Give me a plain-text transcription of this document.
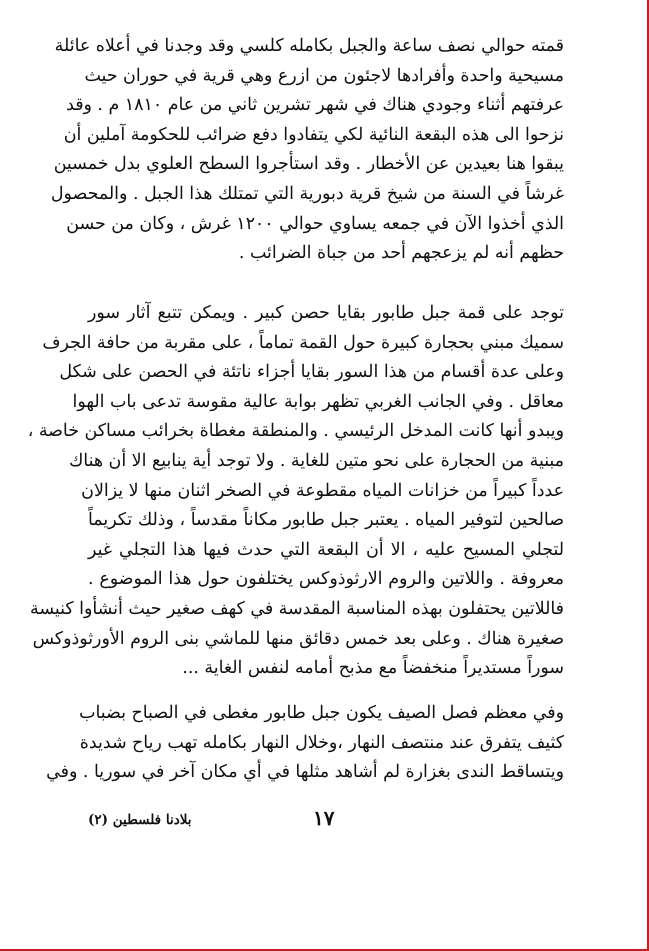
قمته حوالي نصف ساعة والجبل بكامله كلسي وقد وجدنا في أعلاه عائلة
مسيحية واحدة وأفرادها لاجئون من ازرع وهي قرية في حوران حيث
عرفتهم أثناء وجودي هناك في شهر تشرين ثاني من عام ١٨١٠ م . وقد
نزحوا الى هذه البقعة النائية لكي يتفادوا دفع ضرائب للحكومة آملين أن
يبقوا هنا بعيدين عن الأخطار . وقد استأجروا السطح العلوي بدل خمسين
غرشاً في السنة من شيخ قرية دبورية التي تمتلك هذا الجبل . والمحصول
الذي أخذوا الآن في جمعه يساوي حوالي ١٢٠٠ غرش ، وكان من حسن
حظهم أنه لم يزعجهم أحد من جباة الضرائب .
توجد على قمة جبل طابور بقايا حصن كبير . ويمكن تتبع آثار سور
سميك مبني بحجارة كبيرة حول القمة تماماً ، على مقربة من حافة الجرف
وعلى عدة أقسام من هذا السور بقايا أجزاء ناتئة في الحصن على شكل
معاقل . وفي الجانب الغربي تظهر بوابة عالية مقوسة تدعى باب الهوا
ويبدو أنها كانت المدخل الرئيسي . والمنطقة مغطاة بخرائب مساكن خاصة ،
مبنية من الحجارة على نحو متين للغاية . ولا توجد أية ينابيع الا أن هناك
عدداً كبيراً من خزانات المياه مقطوعة في الصخر اثنان منها لا يزالان
صالحين لتوفير المياه . يعتبر جبل طابور مكاناً مقدساً ، وذلك تكريماً
لتجلي المسيح عليه ، الا أن البقعة التي حدث فيها هذا التجلي غير
معروفة . واللاتين والروم الارثوذوكس يختلفون حول هذا الموضوع .
فاللاتين يحتفلون بهذه المناسبة المقدسة في كهف صغير حيث أنشأوا كنيسة
صغيرة هناك . وعلى بعد خمس دقائق منها للماشي بنى الروم الأورثوذوكس
سوراً مستديراً منخفضاً مع مذبح أمامه لنفس الغاية ...
وفي معظم فصل الصيف يكون جبل طابور مغطى في الصباح بضباب
كثيف يتفرق عند منتصف النهار ،وخلال النهار بكامله تهب رياح شديدة
ويتساقط الندى بغزارة لم أشاهد مثلها في أي مكان آخر في سوريا . وفي
١٧
بلادنا فلسطين (٢)
